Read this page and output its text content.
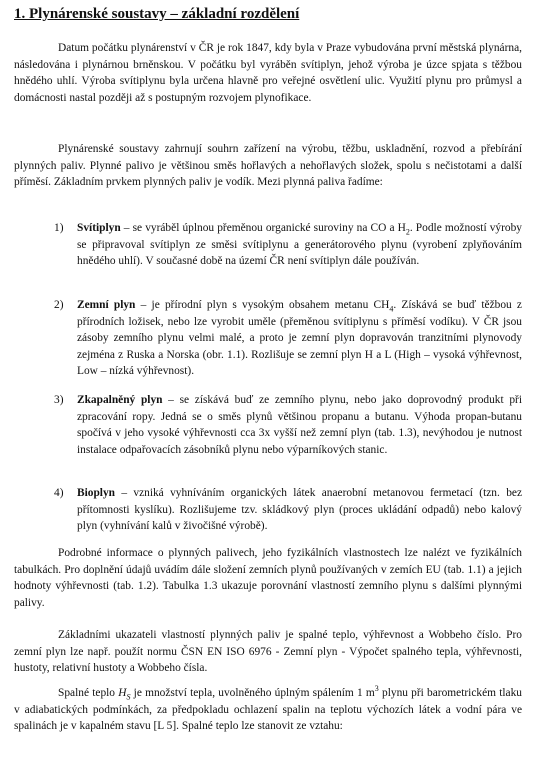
1. Plynárenské soustavy – základní rozdělení

Datum počátku plynárenství v ČR je rok 1847, kdy byla v Praze vybudována první městská plynárna, následována i plynárnou brněnskou. V počátku byl vyráběn svítiplyn, jehož výroba je úzce spjata s těžbou hnědého uhlí. Výroba svítiplynu byla určena hlavně pro veřejné osvětlení ulic. Využití plynu pro průmysl a domácnosti nastal později až s postupným rozvojem plynofikace.

Plynárenské soustavy zahrnují souhrn zařízení na výrobu, těžbu, uskladnění, rozvod a přebírání plynných paliv. Plynné palivo je většinou směs hořlavých a nehořlavých složek, spolu s nečistotami a další příměsí. Základním prvkem plynných paliv je vodík. Mezi plynná paliva řadíme:

1) Svítiplyn – se vyráběl úplnou přeměnou organické suroviny na CO a $H_2$. Podle možností výroby se připravoval svítiplyn ze směsi svítiplynu a generátorového plynu (vyrobení zplyňováním hnědého uhlí). V současné době na území ČR není svítiplyn dále používán.
2) Zemní plyn – je přírodní plyn s vysokým obsahem metanu $CH_4$. Získává se buď těžbou z přírodních ložisek, nebo lze vyrobit uměle (přeměnou svítiplynu s příměsí vodíku). V ČR jsou zásoby zemního plynu velmi malé, a proto je zemní plyn dopravován tranzitními plynovody zejména z Ruska a Norska (obr. 1.1). Rozlišuje se zemní plyn H a L (High – vysoká výhřevnost, Low – nízká výhřevnost).
3) Zkapalněný plyn – se získává buď ze zemního plynu, nebo jako doprovodný produkt při zpracování ropy. Jedná se o směs plynů většinou propanu a butanu. Výhoda propan-butanu spočívá v jeho vysoké výhřevnosti cca 3x vyšší než zemní plyn (tab. 1.3), nevýhodou je nutnost instalace odpařovacích zásobníků plynu nebo výparníkových stanic.
4) Bioplyn – vzniká vyhníváním organických látek anaerobní metanovou fermetací (tzn. bez přítomnosti kyslíku). Rozlišujeme tzv. skládkový plyn (proces ukládání odpadů) nebo kalový plyn (vyhnívání kalů v živočišné výrobě).

Podrobné informace o plynných palivech, jeho fyzikálních vlastnostech lze nalézt ve fyzikálních tabulkách. Pro doplnění údajů uvádím dále složení zemních plynů používaných v zemích EU (tab. 1.1) a jejich hodnoty výhřevnosti (tab. 1.2). Tabulka 1.3 ukazuje porovnání vlastností zemního plynu s dalšími plynnými palivy.

Základními ukazateli vlastností plynných paliv je spalné teplo, výhřevnost a Wobbeho číslo. Pro zemní plyn lze např. použít normu ČSN EN ISO 6976 - Zemní plyn - Výpočet spalného tepla, výhřevnosti, hustoty, relativní hustoty a Wobbeho čísla.

Spalné teplo $H_S$ je množství tepla, uvolněného úplným spálením 1 $m^3$ plynu při barometrickém tlaku v adiabatických podmínkách, za předpokladu ochlazení spalin na teplotu výchozích látek a vodní pára ve spalinách je v kapalném stavu [L 5]. Spalné teplo lze stanovit ze vztahu:
